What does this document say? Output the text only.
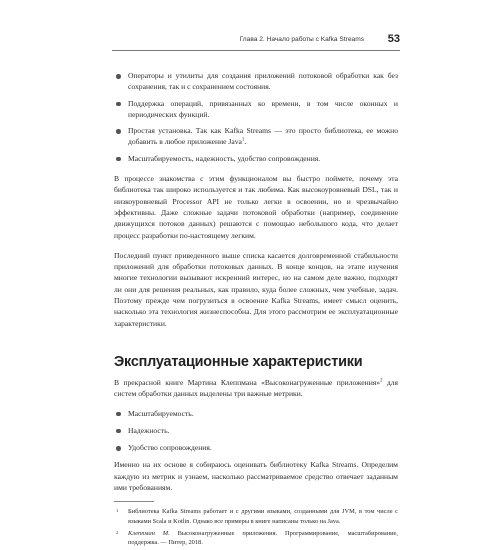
Глава 2. Начало работы с Kafka Streams 53
Операторы и утилиты для создания приложений потоковой обработки как без сохранения, так и с сохранением состояния.
Поддержка операций, привязанных ко времени, в том числе оконных и периодических функций.
Простая установка. Так как Kafka Streams — это просто библиотека, ее можно добавить в любое приложение Java$^1$.
Масштабируемость, надежность, удобство сопровождения.

В процессе знакомства с этим функционалом вы быстро поймете, почему эта библиотека так широко используется и так любима. Как высокоуровневый DSL, так и низкоуровневый Processor API не только легки в освоении, но и чрезвычайно эффективны. Даже сложные задачи потоковой обработки (например, соединение движущихся потоков данных) решаются с помощью небольшого кода, что делает процесс разработки по-настоящему легким.

Последний пункт приведенного выше списка касается долговременной стабильности приложений для обработки потоковых данных. В конце концов, на этапе изучения многие технологии вызывают искренний интерес, но на самом деле важно, подходят ли они для решения реальных, как правило, куда более сложных, чем учебные, задач. Поэтому прежде чем погрузиться в освоение Kafka Streams, имеет смысл оценить, насколько эта технология жизнеспособна. Для этого рассмотрим ее эксплуатационные характеристики.

Эксплуатационные характеристики

В прекрасной книге Мартина Клеппмана «Высоконагруженные приложения»$^2$ для систем обработки данных выделены три важные метрики.

Масштабируемость.
Надежность.
Удобство сопровождения.

Именно на их основе я собираюсь оценивать библиотеку Kafka Streams. Определим каждую из метрик и узнаем, насколько рассматриваемое средство отвечает заданным ими требованиям.

1 Библиотека Kafka Streams работает и с другими языками, созданными для JVM, в том числе с языками Scala и Kotlin. Однако все примеры в книге написаны только на Java.
2 Клеппман М. Высоконагруженные приложения. Программирование, масштабирование, поддержка. — Питер, 2018.
